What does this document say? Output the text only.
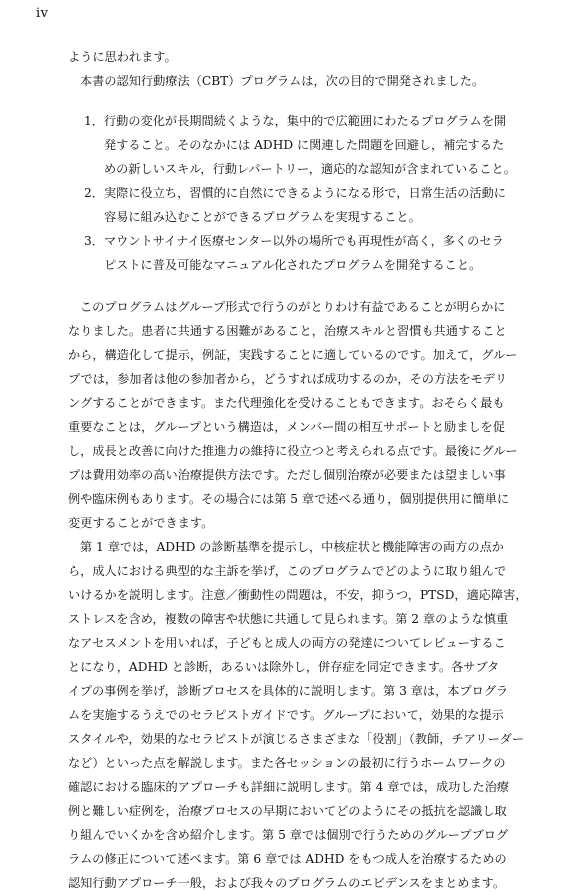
iv
ように思われます。
本書の認知行動療法（CBT）プログラムは，次の目的で開発されました。
1． 行動の変化が長期間続くような，集中的で広範囲にわたるプログラムを開
発すること。そのなかには ADHD に関連した問題を回避し，補完するた
めの新しいスキル，行動レパートリー，適応的な認知が含まれていること。
2． 実際に役立ち，習慣的に自然にできるようになる形で，日常生活の活動に
容易に組み込むことができるプログラムを実現すること。
3． マウントサイナイ医療センター以外の場所でも再現性が高く，多くのセラ
ピストに普及可能なマニュアル化されたプログラムを開発すること。
このプログラムはグループ形式で行うのがとりわけ有益であることが明らかに
なりました。患者に共通する困難があること，治療スキルと習慣も共通すること
から，構造化して提示，例証，実践することに適しているのです。加えて，グルー
プでは，参加者は他の参加者から，どうすれば成功するのか，その方法をモデリ
ングすることができます。また代理強化を受けることもできます。おそらく最も
重要なことは，グループという構造は，メンバー間の相互サポートと励ましを促
し，成長と改善に向けた推進力の維持に役立つと考えられる点です。最後にグルー
プは費用効率の高い治療提供方法です。ただし個別治療が必要または望ましい事
例や臨床例もあります。その場合には第 5 章で述べる通り，個別提供用に簡単に
変更することができます。
第 1 章では，ADHD の診断基準を提示し，中核症状と機能障害の両方の点か
ら，成人における典型的な主訴を挙げ，このプログラムでどのように取り組んで
いけるかを説明します。注意／衝動性の問題は，不安，抑うつ，PTSD，適応障害，
ストレスを含め，複数の障害や状態に共通して見られます。第 2 章のような慎重
なアセスメントを用いれば，子どもと成人の両方の発達についてレビューするこ
とになり，ADHD と診断，あるいは除外し，併存症を同定できます。各サブタ
イプの事例を挙げ，診断プロセスを具体的に説明します。第 3 章は，本プログラ
ムを実施するうえでのセラピストガイドです。グループにおいて，効果的な提示
スタイルや，効果的なセラピストが演じるさまざまな「役割」（教師，チアリーダー
など）といった点を解説します。また各セッションの最初に行うホームワークの
確認における臨床的アプローチも詳細に説明します。第 4 章では，成功した治療
例と難しい症例を，治療プロセスの早期においてどのようにその抵抗を認識し取
り組んでいくかを含め紹介します。第 5 章では個別で行うためのグループブログ
ラムの修正について述べます。第 6 章では ADHD をもつ成人を治療するための
認知行動アプローチ一般，および我々のプログラムのエビデンスをまとめます。
